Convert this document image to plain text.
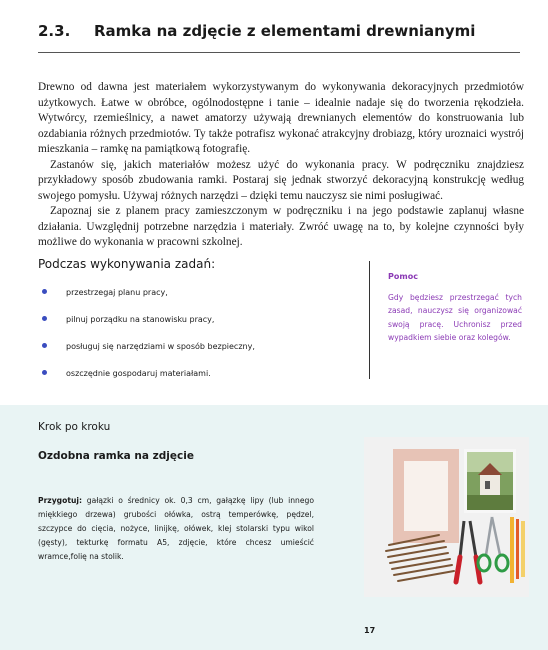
2.3. Ramka na zdjęcie z elementami drewnianymi

Drewno od dawna jest materiałem wykorzystywanym do wykonywania dekoracyjnych przedmiotów użytkowych. Łatwe w obróbce, ogólnodostępne i tanie – idealnie nadaje się do tworzenia rękodzieła. Wytwórcy, rzemieślnicy, a nawet amatorzy używają drewnianych elementów do konstruowania lub ozdabiania różnych przedmiotów. Ty także potrafisz wykonać atrakcyjny drobiazg, który uroznaici wystrój mieszkania – ramkę na pamiątkową fotografię.

Zastanów się, jakich materiałów możesz użyć do wykonania pracy. W podręczniku znajdziesz przykładowy sposób zbudowania ramki. Postaraj się jednak stworzyć dekoracyjną konstrukcję według swojego pomysłu. Używaj różnych narzędzi – dzięki temu nauczysz sie nimi posługiwać.

Zapoznaj sie z planem pracy zamieszczonym w podręczniku i na jego podstawie zaplanuj własne działania. Uwzględnij potrzebne narzędzia i materiały. Zwróć uwagę na to, by kolejne czynności były możliwe do wykonania w pracowni szkolnej.

Podczas wykonywania zadań:
przestrzegaj planu pracy,
pilnuj porządku na stanowisku pracy,
posługuj się narzędziami w sposób bezpieczny,
oszczędnie gospodaruj materiałami.
Pomoc
Gdy będziesz przestrzegać tych zasad, nauczysz się organizować swoją pracę. Uchronisz przed wypadkiem siebie oraz kolegów.
Krok po kroku
Ozdobna ramka na zdjęcie
Przygotuj: gałązki o średnicy ok. 0,3 cm, gałązkę lipy (lub innego miękkiego drzewa) grubości ołówka, ostrą temperówkę, pędzel, szczypce do cięcia, nożyce, linijkę, ołówek, klej stolarski typu wikol (gęsty), tekturkę formatu A5, zdjęcie, które chcesz umieścić wramce,folię na stolik.
17
